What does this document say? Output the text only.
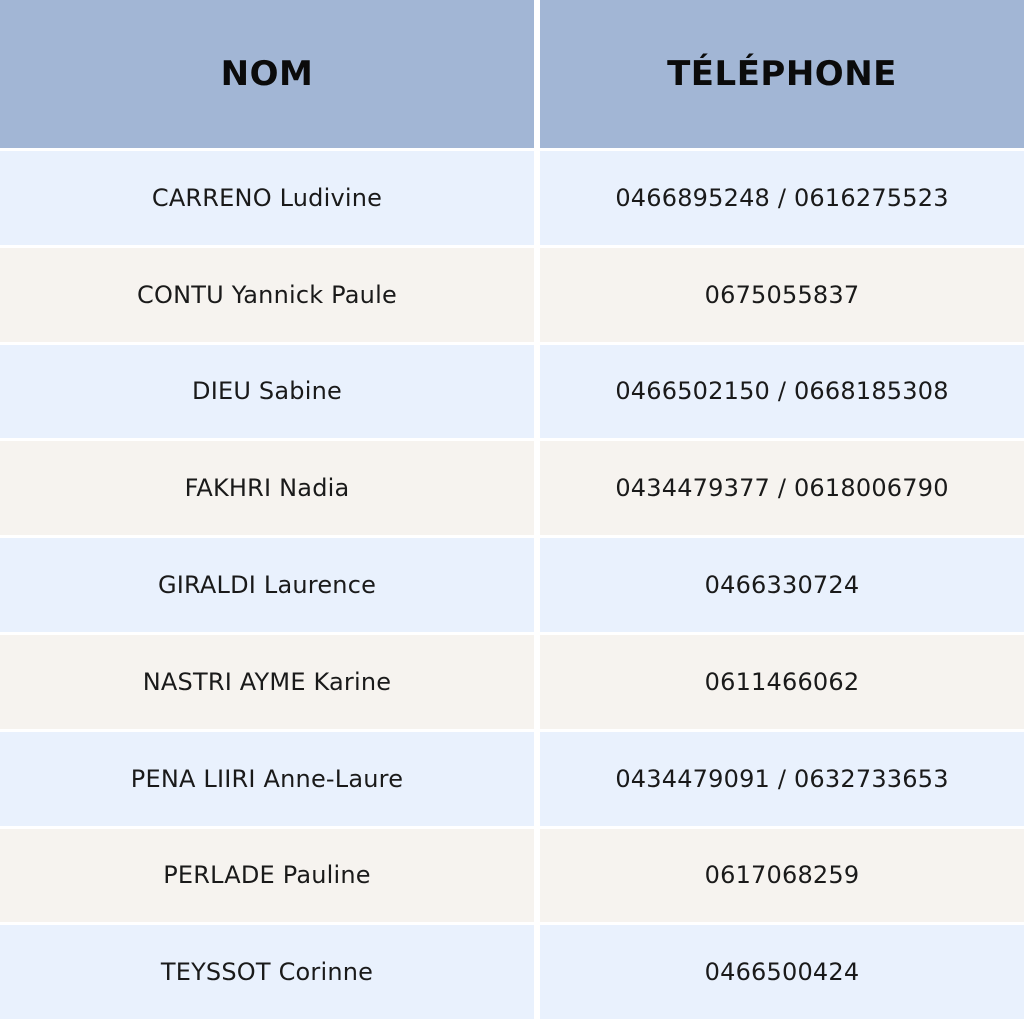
NOM	TÉLÉPHONE
CARRENO Ludivine	0466895248 / 0616275523
CONTU Yannick Paule	0675055837
DIEU Sabine	0466502150 / 0668185308
FAKHRI Nadia	0434479377 / 0618006790
GIRALDI Laurence	0466330724
NASTRI AYME Karine	0611466062
PENA LIIRI Anne-Laure	0434479091 / 0632733653
PERLADE Pauline	0617068259
TEYSSOT Corinne	0466500424
